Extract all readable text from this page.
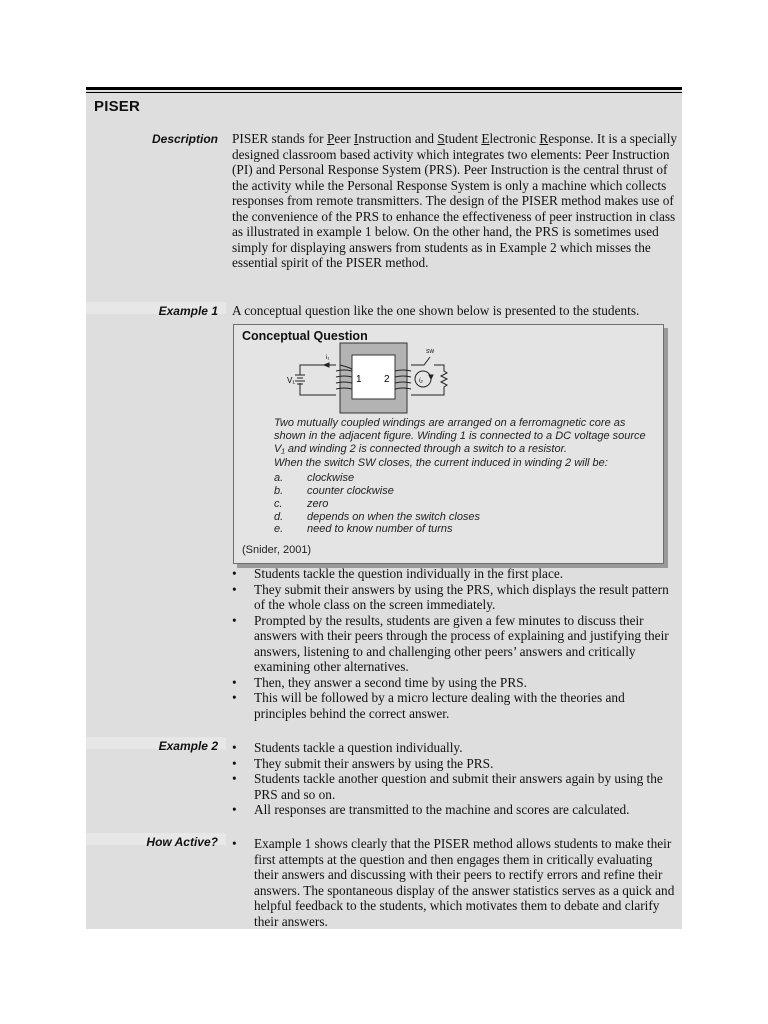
PISER
Description PISER stands for Peer Instruction and Student Electronic Response. It is a specially designed classroom based activity which integrates two elements: Peer Instruction (PI) and Personal Response System (PRS). Peer Instruction is the central thrust of the activity while the Personal Response System is only a machine which collects responses from remote transmitters. The design of the PISER method makes use of the convenience of the PRS to enhance the effectiveness of peer instruction in class as illustrated in example 1 below. On the other hand, the PRS is sometimes used simply for displaying answers from students as in Example 2 which misses the essential spirit of the PISER method.

Example 1 A conceptual question like the one shown below is presented to the students.
Conceptual Question
V₁
i₁
SW
1 2	i₂

Two mutually coupled windings are arranged on a ferromagnetic core as shown in the adjacent figure. Winding 1 is connected to a DC voltage source V₁ and winding 2 is connected through a switch to a resistor.

When the switch SW closes, the current induced in winding 2 will be:

a.	clockwise
b.	counter clockwise
c.	zero
d.	depends on when the switch closes
e.	need to know number of turns
(Snider, 2001)
• Students tackle the question individually in the first place.
• They submit their answers by using the PRS, which displays the result pattern of the whole class on the screen immediately.
• Prompted by the results, students are given a few minutes to discuss their answers with their peers through the process of explaining and justifying their answers, listening to and challenging other peers’ answers and critically examining other alternatives.
• Then, they answer a second time by using the PRS.
• This will be followed by a micro lecture dealing with the theories and principles behind the correct answer.
Example 2	• Students tackle a question individually.
• They submit their answers by using the PRS.
• Students tackle another question and submit their answers again by using the PRS and so on.
• All responses are transmitted to the machine and scores are calculated.
How Active?	• Example 1 shows clearly that the PISER method allows students to make their first attempts at the question and then engages them in critically evaluating their answers and discussing with their peers to rectify errors and refine their answers. The spontaneous display of the answer statistics serves as a quick and helpful feedback to the students, which motivates them to debate and clarify their answers.
